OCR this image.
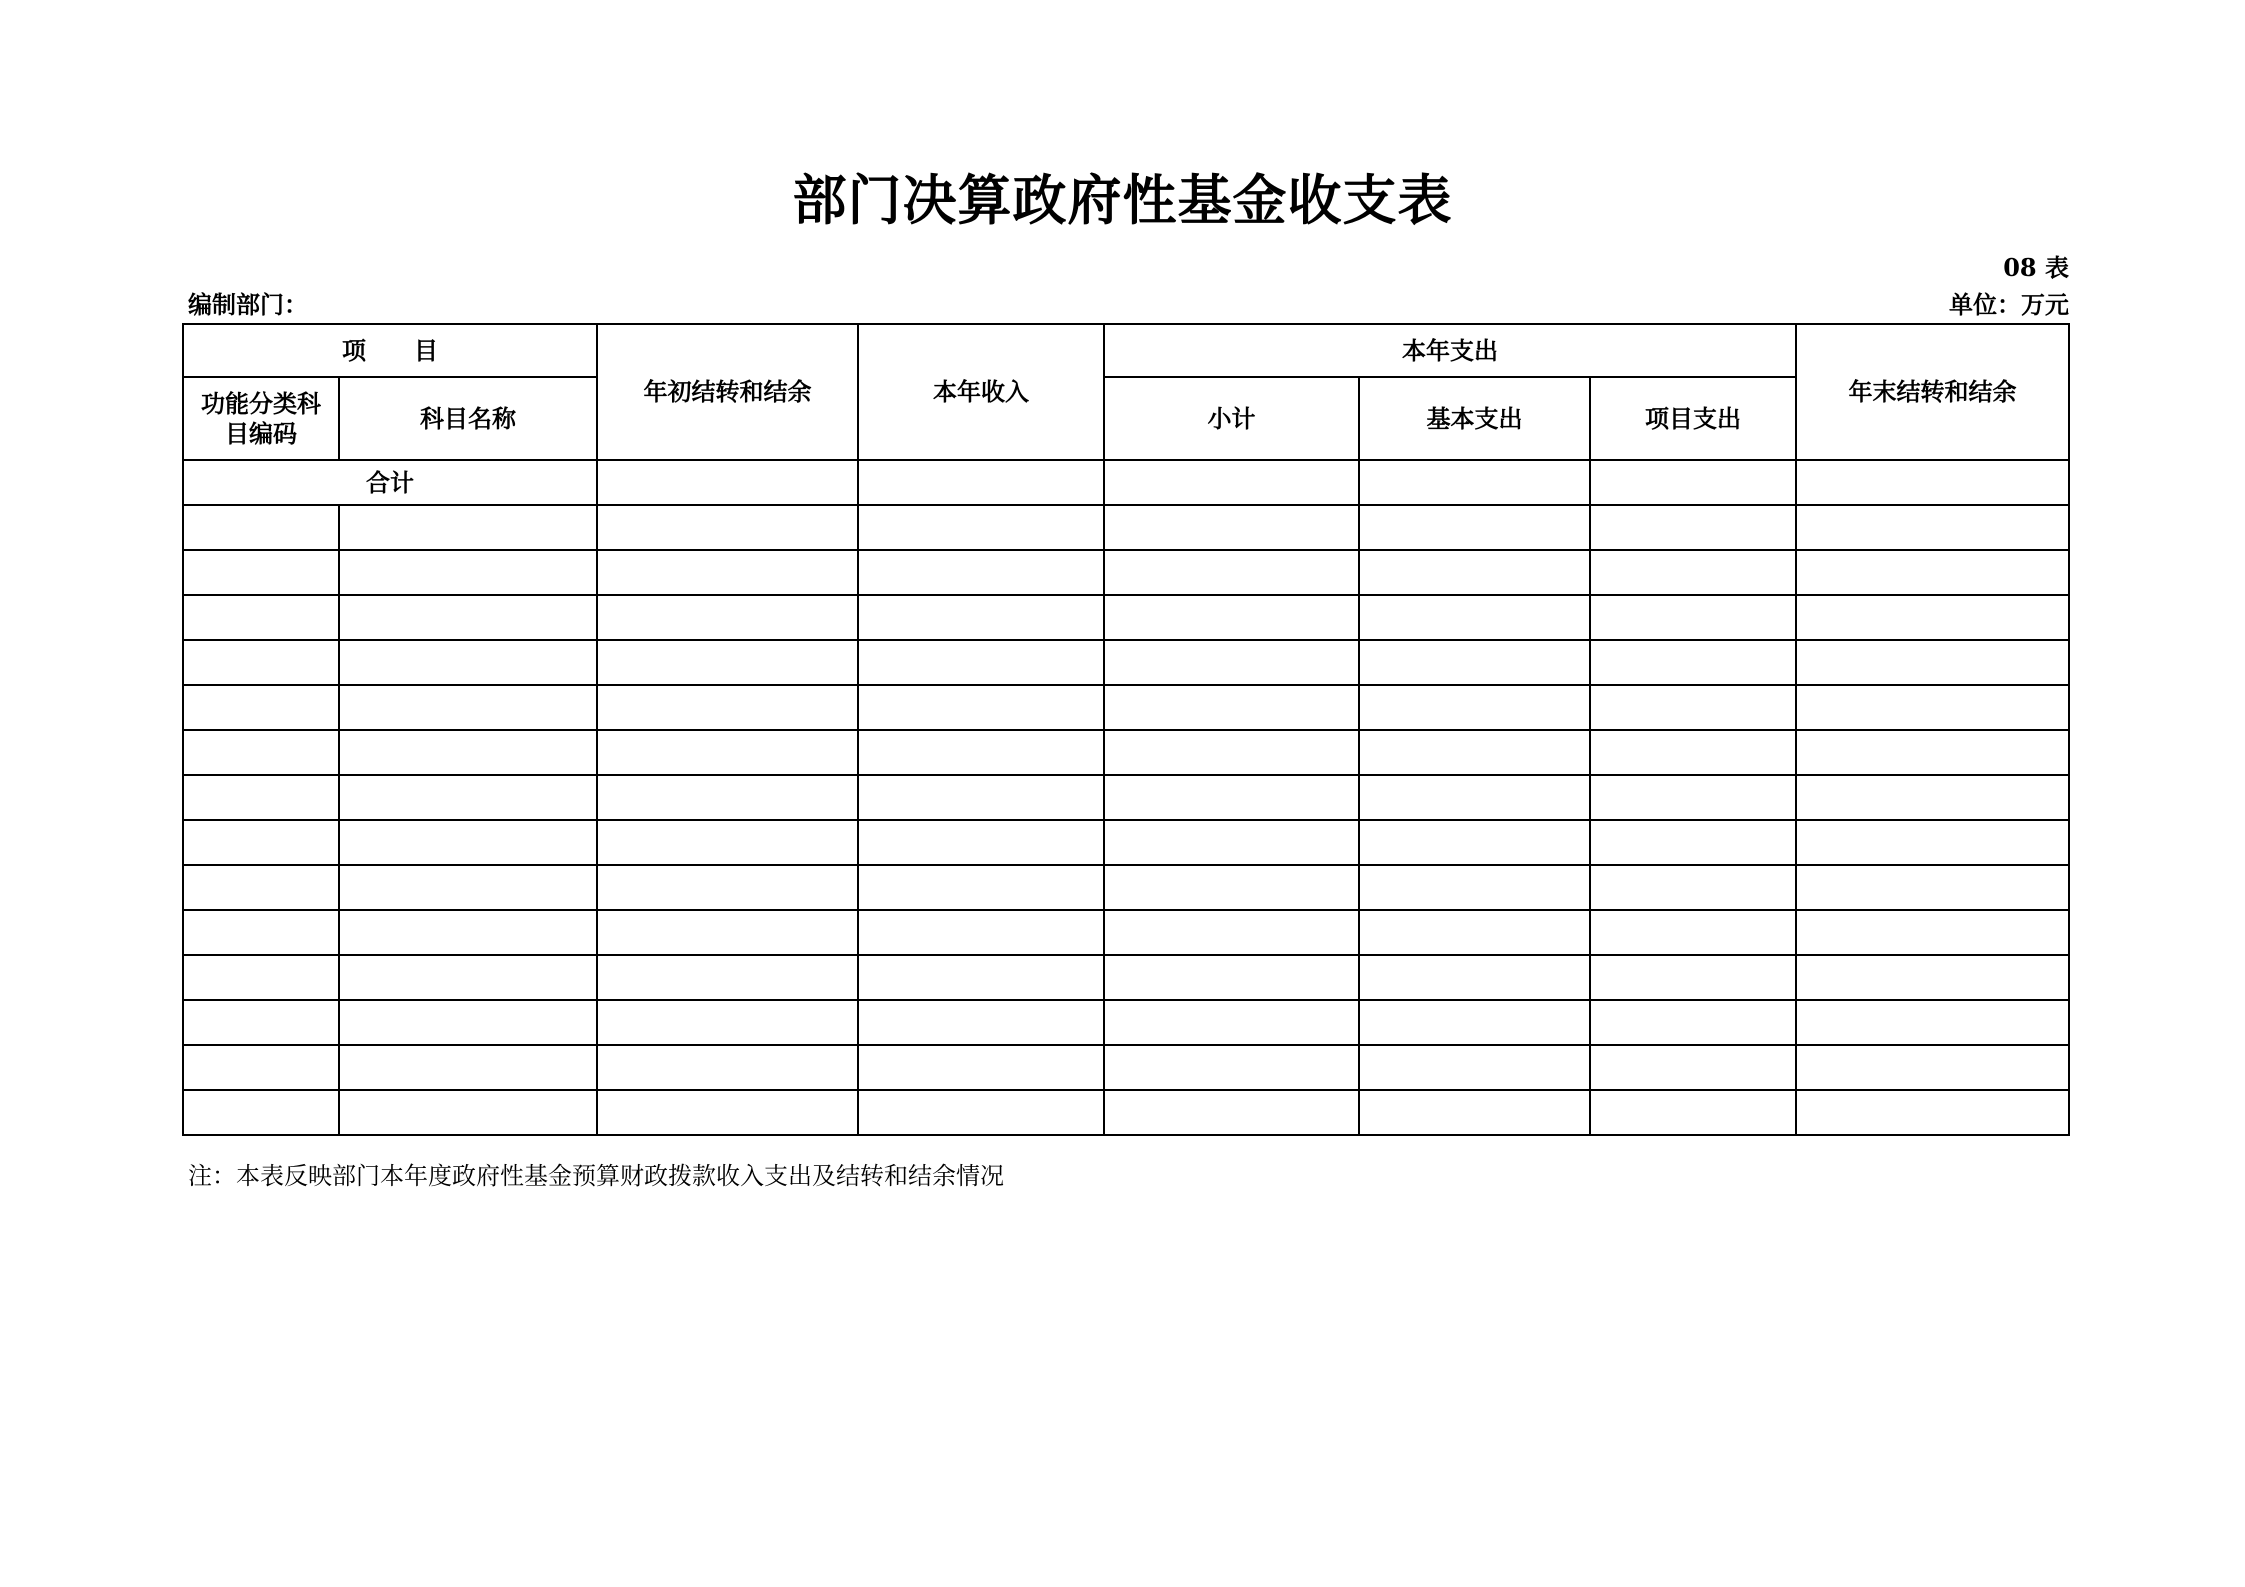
部门决算政府性基金收支表
08 表
编制部门：	单位：万元
项　　目		年初结转和结余	本年收入	本年支出			年末结转和结余

功能分类科目编码	科目名称			小计	基本支出	项目支出	
合计							

注：本表反映部门本年度政府性基金预算财政拨款收入支出及结转和结余情况
